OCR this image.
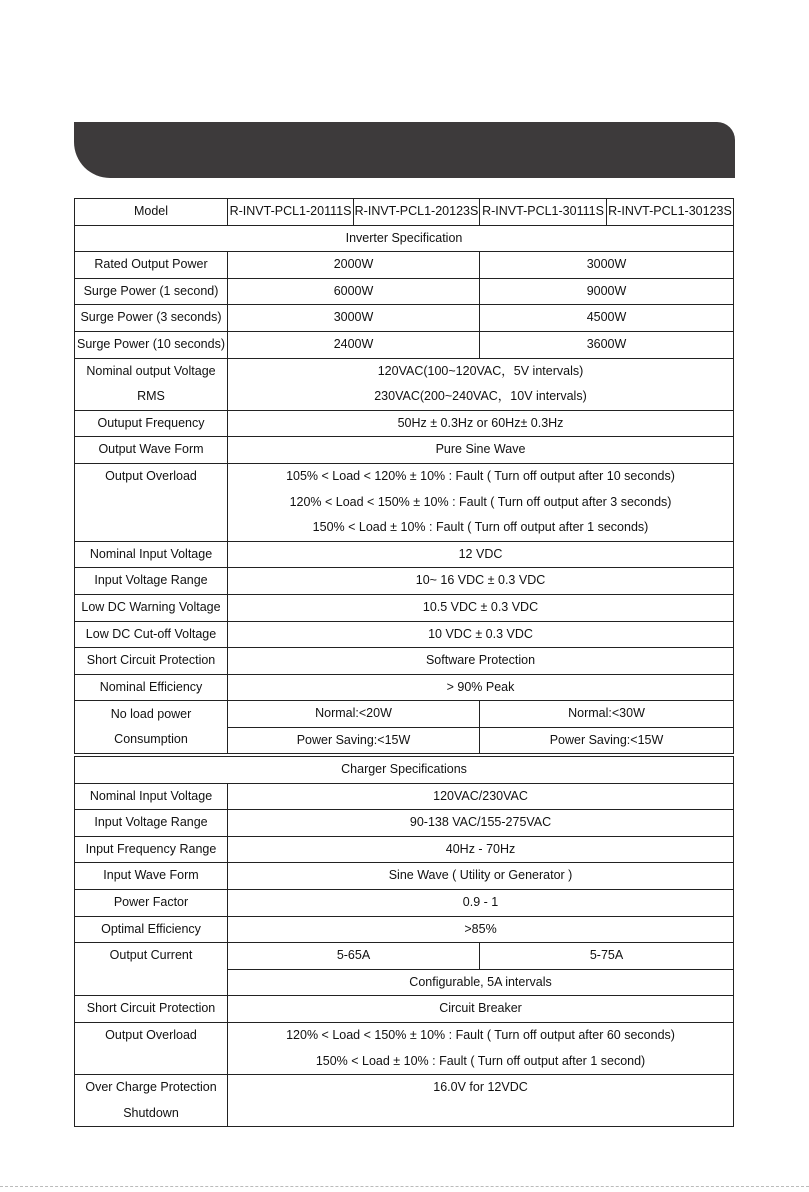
Model	R-INVT-PCL1-20111S	R-INVT-PCL1-20123S	R-INVT-PCL1-30111S	R-INVT-PCL1-30123S
Inverter Specification				
Rated Output Power	2000W		3000W	
Surge Power (1 second)	6000W		9000W	
Surge Power (3 seconds)	3000W		4500W	
Surge Power (10 seconds)	2400W		3600W	

Nominal output Voltage
RMS	120VAC(100~120VAC，5V intervals)
230VAC(200~240VAC，10V intervals)			

Outuput Frequency	50Hz ± 0.3Hz or 60Hz± 0.3Hz			
Output Wave Form	Pure Sine Wave			
Output Overload	105% < Load < 120% ± 10% : Fault ( Turn off output after 10 seconds)
120% < Load < 150% ± 10% : Fault ( Turn off output after 3 seconds)
150% < Load ± 10% : Fault ( Turn off output after 1 seconds)			

Nominal Input Voltage	12 VDC			
Input Voltage Range	10~ 16 VDC ± 0.3 VDC			
Low DC Warning Voltage	10.5 VDC ± 0.3 VDC			
Low DC Cut-off Voltage	10 VDC ± 0.3 VDC			
Short Circuit Protection	Software Protection			
Nominal Efficiency	> 90% Peak			

No load power
Consumption	Normal:<20W		Normal:<30W	
	Power Saving:<15W		Power Saving:<15W	
Charger Specifications		
Nominal Input Voltage	120VAC/230VAC	
Input Voltage Range	90-138 VAC/155-275VAC	
Input Frequency Range	40Hz - 70Hz	
Input Wave Form	Sine Wave ( Utility or Generator )	
Power Factor	0.9 - 1	
Optimal Efficiency	>85%	
Output Current	5-65A	5-75A
	Configurable, 5A intervals	
Short Circuit Protection	Circuit Breaker	
Output Overload	120% < Load < 150% ± 10% : Fault ( Turn off output after 60 seconds)
150% < Load ± 10% : Fault ( Turn off output after 1 second)	

Over Charge Protection
Shutdown	16.0V for 12VDC	
